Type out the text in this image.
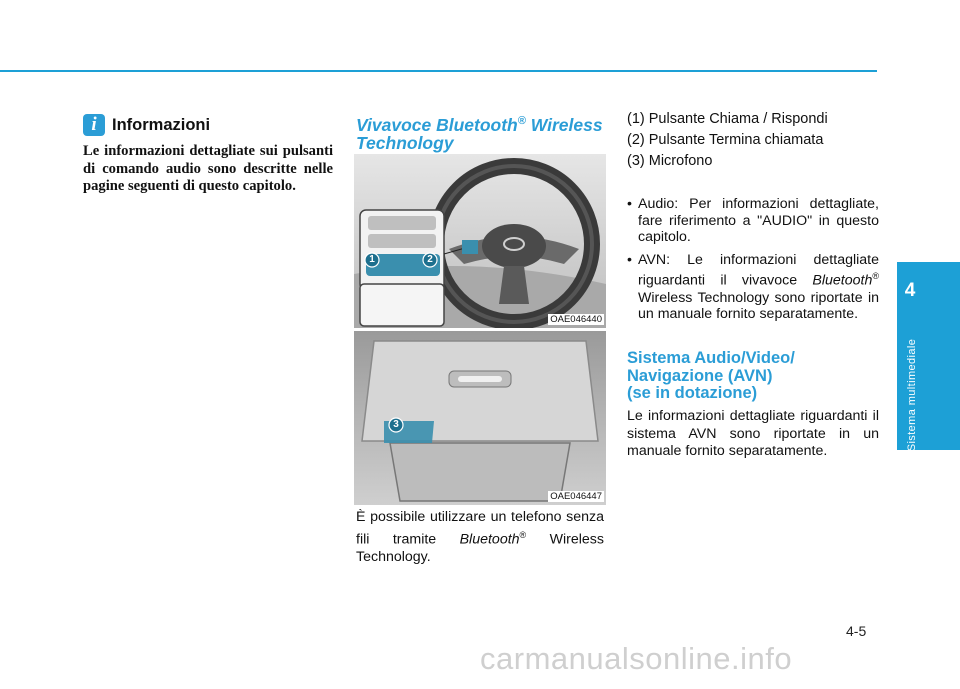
i Informazioni
Le informazioni dettagliate sui pulsanti di comando audio sono descritte nelle pagine seguenti di questo capitolo.
Vivavoce Bluetooth® Wireless Technology
1	2
OAE046440
3
OAE046447
È possibile utilizzare un telefono senza fili tramite Bluetooth® Wireless Technology.
(1) Pulsante Chiama / Rispondi
(2) Pulsante Termina chiamata
(3) Microfono
• Audio: Per informazioni dettagliate, fare riferimento a "AUDIO" in questo capitolo.
• AVN: Le informazioni dettagliate riguardanti il vivavoce Bluetooth® Wireless Technology sono riportate in un manuale fornito separatamente.
Sistema Audio/Video/
Navigazione (AVN)
(se in dotazione)
Le informazioni dettagliate riguardanti il sistema AVN sono riportate in un manuale fornito separatamente.
4
Sistema multimediale
4-5
carmanualsonline.info
